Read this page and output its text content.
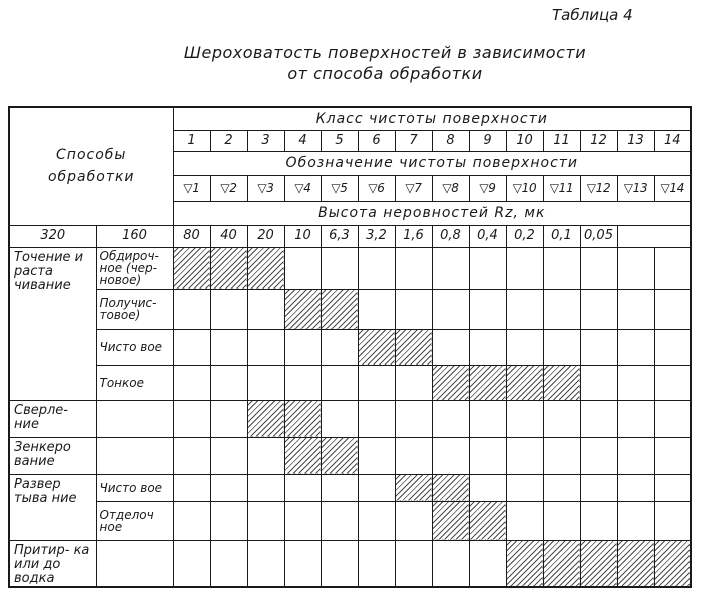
Таблица 4
Шероховатость поверхностей в зависимости
от способа обработки
Способы обработки		Класс чистоты поверхности													
		1	2	3	4	5	6	7	8	9	10	11	12	13	14
		Обозначение чистоты поверхности													
		▽1	▽2	▽3	▽4	▽5	▽6	▽7	▽8	▽9	▽10	▽11	▽12	▽13	▽14
		Высота неровностей Rz, мк													
320	160	80	40	20	10	6,3	3,2	1,6	0,8	0,4	0,2	0,1	0,05		
Точение и раста чивание	Обдироч- ное (чер- новое)														
	Получис- товое)														
	Чисто вое														
	Тонкое														
Сверле- ние															
Зенкеро вание															
Развер тыва ние	Чисто вое														
	Отделоч ное														
Притир- ка или до водка															
